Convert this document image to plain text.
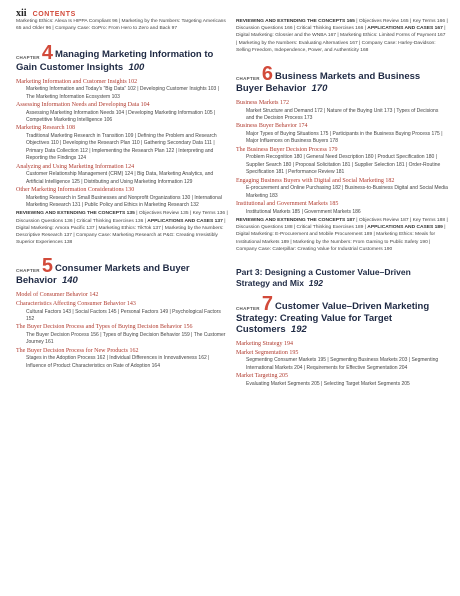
xii CONTENTS

Marketing Ethics: Alexa Is HIPPA Compliant 96 | Marketing by the Numbers: Targeting Americans 65 and Older 96 | Company Case: GoPro: From Hero to Zero and Back 97

CHAPTER 4 Managing Marketing Information to

Gain Customer Insights 100

Marketing Information and Customer Insights 102

Marketing Information and Today's “Big Data” 102 | Developing Customer Insights 103 | The Marketing Information Ecosystem 103

Assessing Information Needs and Developing Data 104

Assessing Marketing Information Needs 104 | Developing Marketing Information 105 | Competitive Marketing Intelligence 106

Marketing Research 108

Traditional Marketing Research in Transition 109 | Defining the Problem and Research Objectives 110 | Developing the Research Plan 110 | Gathering Secondary Data 111 | Primary Data Collection 112 | Implementing the Research Plan 122 | Interpreting and Reporting the Findings 124

Analyzing and Using Marketing Information 124

Customer Relationship Management (CRM) 124 | Big Data, Marketing Analytics, and Artificial Intelligence 125 | Distributing and Using Marketing Information 129

Other Marketing Information Considerations 130

Marketing Research in Small Businesses and Nonprofit Organizations 130 | International Marketing Research 131 | Public Policy and Ethics in Marketing Research 132

REVIEWING AND EXTENDING THE CONCEPTS 135 | Objectives Review 135 | Key Terms 136 | Discussion Questions 136 | Critical Thinking Exercises 136 | APPLICATIONS AND CASES 137 | Digital Marketing: Amora Pacific 137 | Marketing Ethics: TikTok 137 | Marketing by the Numbers: Descriptive Research 137 | Company Case: Marketing Research at P&G: Creating Irresistibly Superior Experiences 138

CHAPTER 5 Consumer Markets and Buyer

Behavior 140

Model of Consumer Behavior 142

Characteristics Affecting Consumer Behavior 143

Cultural Factors 143 | Social Factors 145 | Personal Factors 149 | Psychological Factors 152

The Buyer Decision Process and Types of Buying Decision Behavior 156

The Buyer Decision Process 156 | Types of Buying Decision Behavior 159 | The Customer Journey 161

The Buyer Decision Process for New Products 162

Stages in the Adoption Process 162 | Individual Differences in Innovativeness 162 | Influence of Product Characteristics on Rate of Adoption 164

REVIEWING AND EXTENDING THE CONCEPTS 165 | Objectives Review 165 | Key Terms 166 | Discussion Questions 166 | Critical Thinking Exercises 166 | APPLICATIONS AND CASES 167 | Digital Marketing: Glossier and the WNBA 167 | Marketing Ethics: Limited Forms of Payment 167 | Marketing by the Numbers: Evaluating Alternatives 167 | Company Case: Harley-Davidson: Selling Freedom, Independence, Power, and Authenticity 168

CHAPTER 6 Business Markets and Business

Buyer Behavior 170

Business Markets 172

Market Structure and Demand 172 | Nature of the Buying Unit 173 | Types of Decisions and the Decision Process 173

Business Buyer Behavior 174

Major Types of Buying Situations 175 | Participants in the Business Buying Process 175 | Major Influences on Business Buyers 178

The Business Buyer Decision Process 179

Problem Recognition 180 | General Need Description 180 | Product Specification 180 | Supplier Search 180 | Proposal Solicitation 181 | Supplier Selection 181 | Order-Routine Specification 181 | Performance Review 181

Engaging Business Buyers with Digital and Social Marketing 182

E-procurement and Online Purchasing 182 | Business-to-Business Digital and Social Media Marketing 183

Institutional and Government Markets 185

Institutional Markets 185 | Government Markets 186

REVIEWING AND EXTENDING THE CONCEPTS 187 | Objectives Review 187 | Key Terms 188 | Discussion Questions 188 | Critical Thinking Exercises 189 | APPLICATIONS AND CASES 189 | Digital Marketing: E-Procurement and Mobile Procurement 189 | Marketing Ethics: Meals for Institutional Markets 189 | Marketing by the Numbers: From Gaming to Public Safety 190 | Company Case: Caterpillar: Creating Value for Industrial Customers 190

Part 3: Designing a Customer Value–Driven
Strategy and Mix 192

CHAPTER 7 Customer Value–Driven Marketing

Strategy: Creating Value for Target

Customers 192

Marketing Strategy 194

Market Segmentation 195

Segmenting Consumer Markets 195 | Segmenting Business Markets 203 | Segmenting International Markets 204 | Requirements for Effective Segmentation 204

Market Targeting 205

Evaluating Market Segments 205 | Selecting Target Market Segments 205
